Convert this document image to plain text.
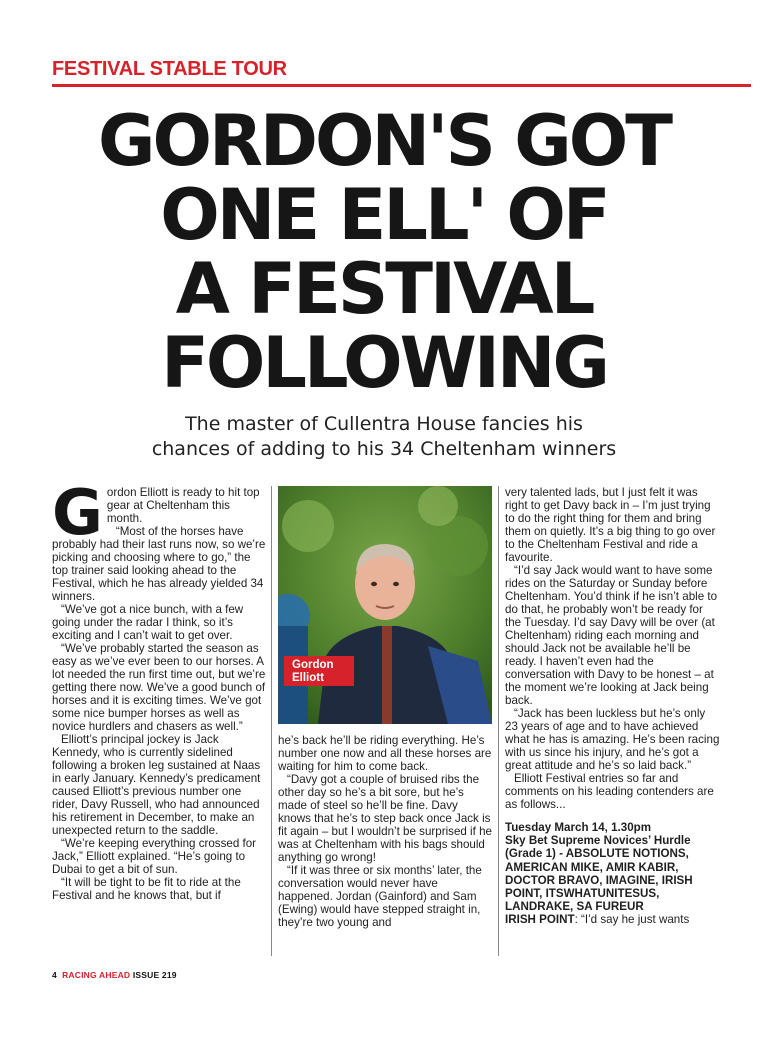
FESTIVAL STABLE TOUR
GORDON'S GOT
ONE ELL' OF
A FESTIVAL
FOLLOWING
The master of Cullentra House fancies his
chances of adding to his 34 Cheltenham winners
G ordon Elliott is ready to hit top gear at Cheltenham this month.

“Most of the horses have probably had their last runs now, so we’re picking and choosing where to go,” the top trainer said looking ahead to the Festival, which he has already yielded 34 winners.

“We’ve got a nice bunch, with a few going under the radar I think, so it’s exciting and I can’t wait to get over.

“We’ve probably started the season as easy as we’ve ever been to our horses. A lot needed the run first time out, but we’re getting there now. We’ve a good bunch of horses and it is exciting times. We’ve got some nice bumper horses as well as novice hurdlers and chasers as well.”

Elliott’s principal jockey is Jack Kennedy, who is currently sidelined following a broken leg sustained at Naas in early January. Kennedy’s predicament caused Elliott’s previous number one rider, Davy Russell, who had announced his retirement in December, to make an unexpected return to the saddle.

“We’re keeping everything crossed for Jack,” Elliott explained. “He’s going to Dubai to get a bit of sun.

“It will be tight to be fit to ride at the Festival and he knows that, but if

Gordon
Elliott

he’s back he’ll be riding everything. He’s number one now and all these horses are waiting for him to come back.

“Davy got a couple of bruised ribs the other day so he’s a bit sore, but he’s made of steel so he’ll be fine. Davy knows that he’s to step back once Jack is fit again – but I wouldn’t be surprised if he was at Cheltenham with his bags should anything go wrong!

“If it was three or six months’ later, the conversation would never have happened. Jordan (Gainford) and Sam (Ewing) would have stepped straight in, they’re two young and

very talented lads, but I just felt it was right to get Davy back in – I’m just trying to do the right thing for them and bring them on quietly. It’s a big thing to go over to the Cheltenham Festival and ride a favourite.

“I’d say Jack would want to have some rides on the Saturday or Sunday before Cheltenham. You’d think if he isn’t able to do that, he probably won’t be ready for the Tuesday. I’d say Davy will be over (at Cheltenham) riding each morning and should Jack not be available he’ll be ready. I haven’t even had the conversation with Davy to be honest – at the moment we’re looking at Jack being back.

“Jack has been luckless but he’s only 23 years of age and to have achieved what he has is amazing. He’s been racing with us since his injury, and he’s got a great attitude and he’s so laid back.”

Elliott Festival entries so far and comments on his leading contenders are as follows...

Tuesday March 14, 1.30pm

Sky Bet Supreme Novices’ Hurdle (Grade 1) - ABSOLUTE NOTIONS, AMERICAN MIKE, AMIR KABIR, DOCTOR BRAVO, IMAGINE, IRISH POINT, ITSWHATUNITESUS, LANDRAKE, SA FUREUR

IRISH POINT: “I’d say he just wants

4 RACING AHEAD ISSUE 219
